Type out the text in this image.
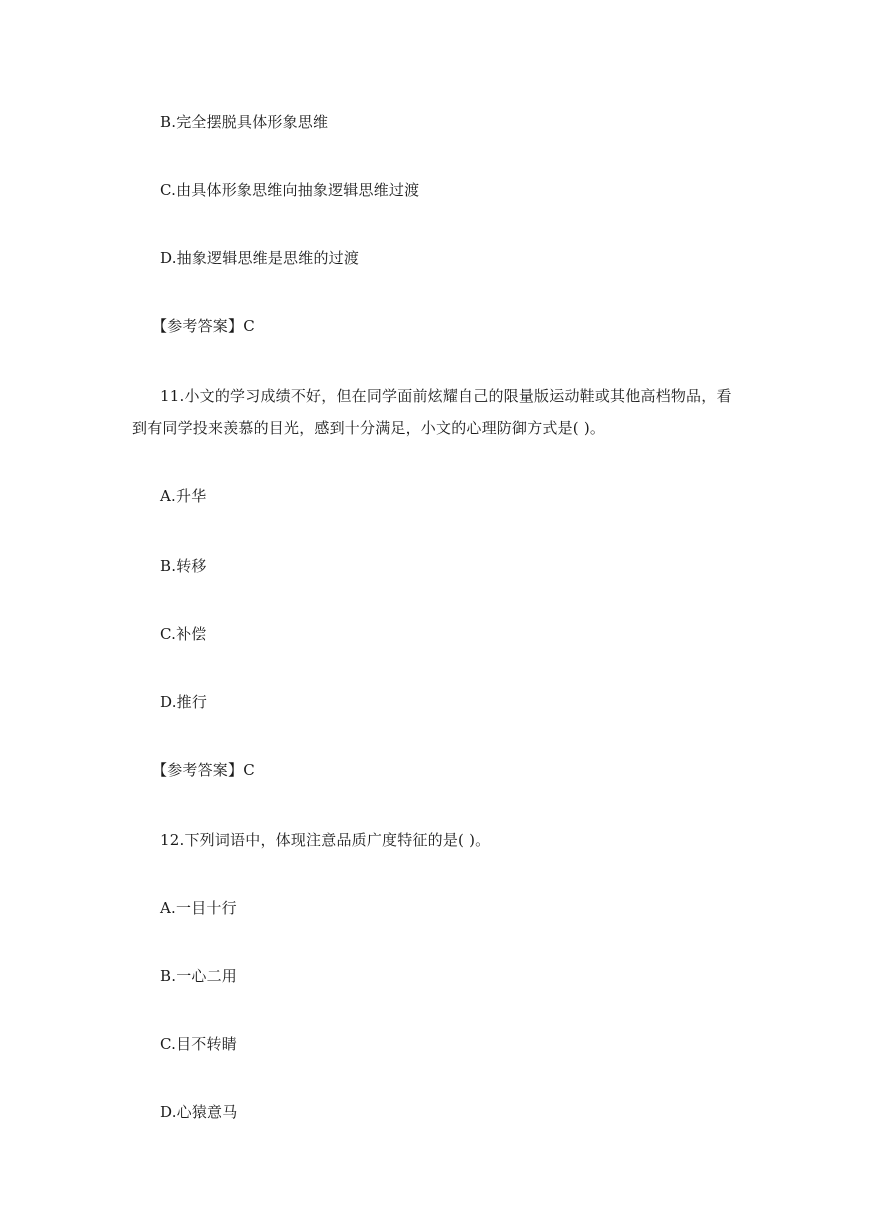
B.完全摆脱具体形象思维
C.由具体形象思维向抽象逻辑思维过渡
D.抽象逻辑思维是思维的过渡
【参考答案】C
11.小文的学习成绩不好，但在同学面前炫耀自己的限量版运动鞋或其他高档物品，看
到有同学投来羡慕的目光，感到十分满足，小文的心理防御方式是( )。
A.升华
B.转移
C.补偿
D.推行
【参考答案】C
12.下列词语中，体现注意品质广度特征的是( )。
A.一目十行
B.一心二用
C.目不转睛
D.心猿意马
